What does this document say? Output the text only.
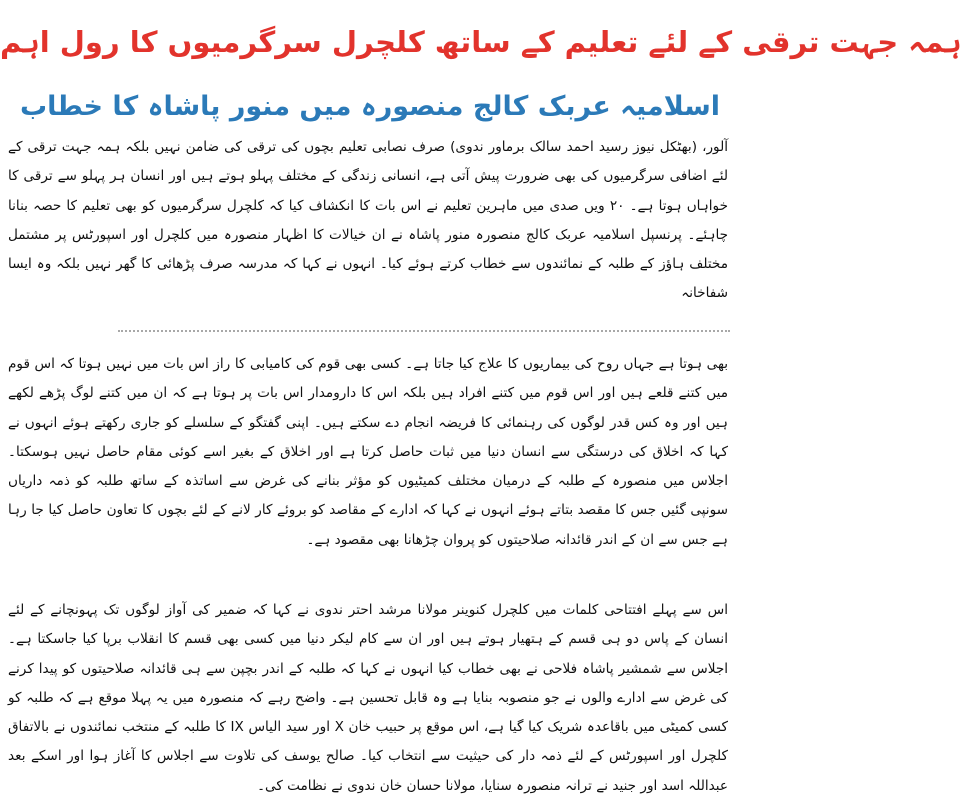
ہمہ جہت ترقی کے لئے تعلیم کے ساتھ کلچرل سرگرمیوں کا رول اہم
اسلامیہ عربک کالج منصورہ میں منور پاشاہ کا خطاب

آلور، (بھٹکل نیوز رسید احمد سالک برماور ندوی) صرف نصابی تعلیم بچوں کی ترقی کی ضامن نہیں بلکہ ہمہ جہت ترقی کے لئے اضافی سرگرمیوں کی بھی ضرورت پیش آتی ہے، انسانی زندگی کے مختلف پہلو ہوتے ہیں اور انسان ہر پہلو سے ترقی کا خواہاں ہوتا ہے۔ ۲۰ ویں صدی میں ماہرین تعلیم نے اس بات کا انکشاف کیا کہ کلچرل سرگرمیوں کو بھی تعلیم کا حصہ بنانا چاہئے۔ پرنسپل اسلامیہ عربک کالج منصورہ منور پاشاہ نے ان خیالات کا اظہار منصورہ میں کلچرل اور اسپورٹس پر مشتمل مختلف ہاؤز کے طلبہ کے نمائندوں سے خطاب کرتے ہوئے کیا۔ انہوں نے کہا کہ مدرسہ صرف پڑھائی کا گھر نہیں بلکہ وہ ایسا شفاخانہ

بھی ہوتا ہے جہاں روح کی بیماریوں کا علاج کیا جاتا ہے۔ کسی بھی قوم کی کامیابی کا راز اس بات میں نہیں ہوتا کہ اس قوم میں کتنے قلعے ہیں اور اس قوم میں کتنے افراد ہیں بلکہ اس کا دارومدار اس بات پر ہوتا ہے کہ ان میں کتنے لوگ پڑھے لکھے ہیں اور وہ کس قدر لوگوں کی رہنمائی کا فریضہ انجام دے سکتے ہیں۔ اپنی گفتگو کے سلسلے کو جاری رکھتے ہوئے انہوں نے کہا کہ اخلاق کی درستگی سے انسان دنیا میں ثبات حاصل کرتا ہے اور اخلاق کے بغیر اسے کوئی مقام حاصل نہیں ہوسکتا۔ اجلاس میں منصورہ کے طلبہ کے درمیان مختلف کمیٹیوں کو مؤثر بنانے کی غرض سے اساتذہ کے ساتھ طلبہ کو ذمہ داریاں سونپی گئیں جس کا مقصد بتاتے ہوئے انہوں نے کہا کہ ادارے کے مقاصد کو بروئے کار لانے کے لئے بچوں کا تعاون حاصل کیا جا رہا ہے جس سے ان کے اندر قائدانہ صلاحیتوں کو پروان چڑھانا بھی مقصود ہے۔

اس سے پہلے افتتاحی کلمات میں کلچرل کنوینر مولانا مرشد احتر ندوی نے کہا کہ ضمیر کی آواز لوگوں تک پہونچانے کے لئے انسان کے پاس دو ہی قسم کے ہتھیار ہوتے ہیں اور ان سے کام لیکر دنیا میں کسی بھی قسم کا انقلاب برپا کیا جاسکتا ہے۔ اجلاس سے شمشیر پاشاہ فلاحی نے بھی خطاب کیا انہوں نے کہا کہ طلبہ کے اندر بچپن سے ہی قائدانہ صلاحیتوں کو پیدا کرنے کی غرض سے ادارے والوں نے جو منصوبہ بنایا ہے وہ قابل تحسین ہے۔ واضح رہے کہ منصورہ میں یہ پہلا موقع ہے کہ طلبہ کو کسی کمیٹی میں باقاعدہ شریک کیا گیا ہے، اس موقع پر حبیب خان X اور سید الیاس IX کا طلبہ کے منتخب نمائندوں نے بالاتفاق کلچرل اور اسپورٹس کے لئے ذمہ دار کی حیثیت سے انتخاب کیا۔ صالح یوسف کی تلاوت سے اجلاس کا آغاز ہوا اور اسکے بعد عبداللہ اسد اور جنید نے ترانہ منصورہ سنایا، مولانا حسان خان ندوی نے نظامت کی۔
